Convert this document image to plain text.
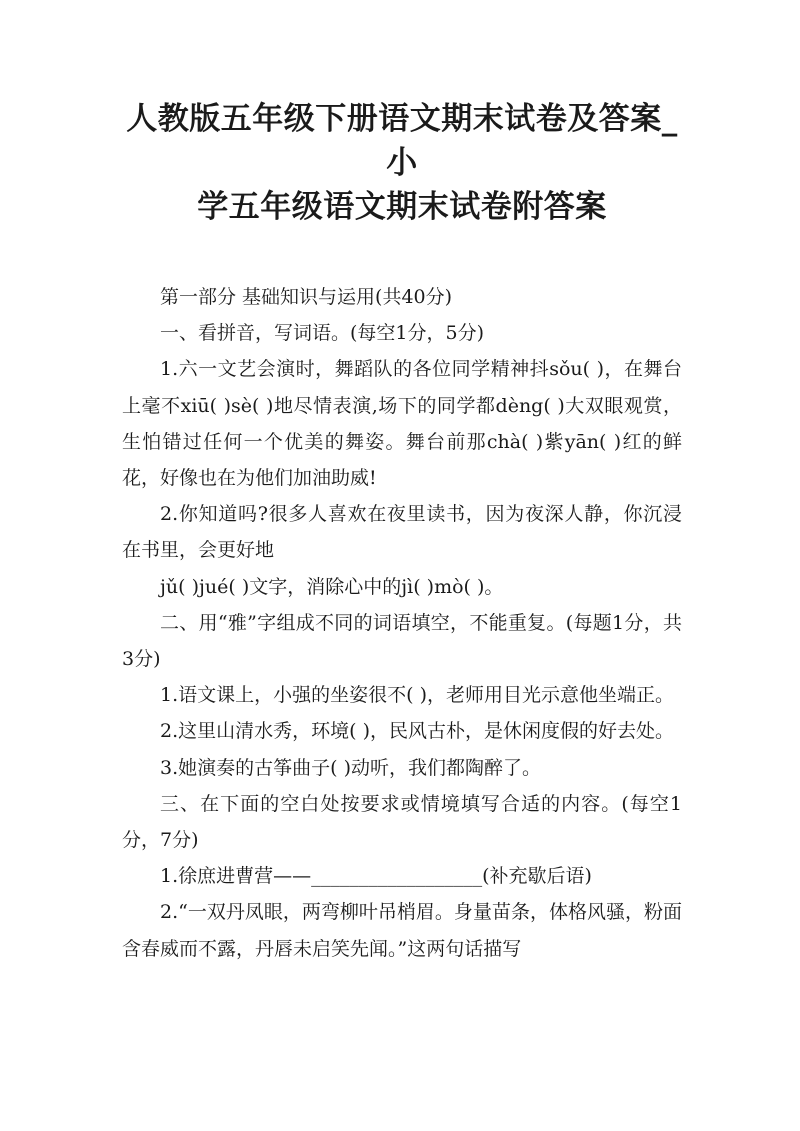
人教版五年级下册语文期末试卷及答案_小
学五年级语文期末试卷附答案

第一部分 基础知识与运用(共40分)

一、看拼音，写词语。(每空1分，5分)

1.六一文艺会演时，舞蹈队的各位同学精神抖sǒu( )，在舞台上毫不xiū( )sè( )地尽情表演,场下的同学都dèng( )大双眼观赏，生怕错过任何一个优美的舞姿。舞台前那chà( )紫yān( )红的鲜花，好像也在为他们加油助威!

2.你知道吗?很多人喜欢在夜里读书，因为夜深人静，你沉浸在书里，会更好地

jǔ( )jué( )文字，消除心中的jì( )mò( )。

二、用“雅”字组成不同的词语填空，不能重复。(每题1分，共3分)

1.语文课上，小强的坐姿很不( )，老师用目光示意他坐端正。

2.这里山清水秀，环境( )，民风古朴，是休闲度假的好去处。

3.她演奏的古筝曲子( )动听，我们都陶醉了。

三、在下面的空白处按要求或情境填写合适的内容。(每空1分，7分)

1.徐庶进曹营——__________________(补充歇后语)

2.“一双丹凤眼，两弯柳叶吊梢眉。身量苗条，体格风骚，粉面含春威而不露，丹唇未启笑先闻。”这两句话描写
